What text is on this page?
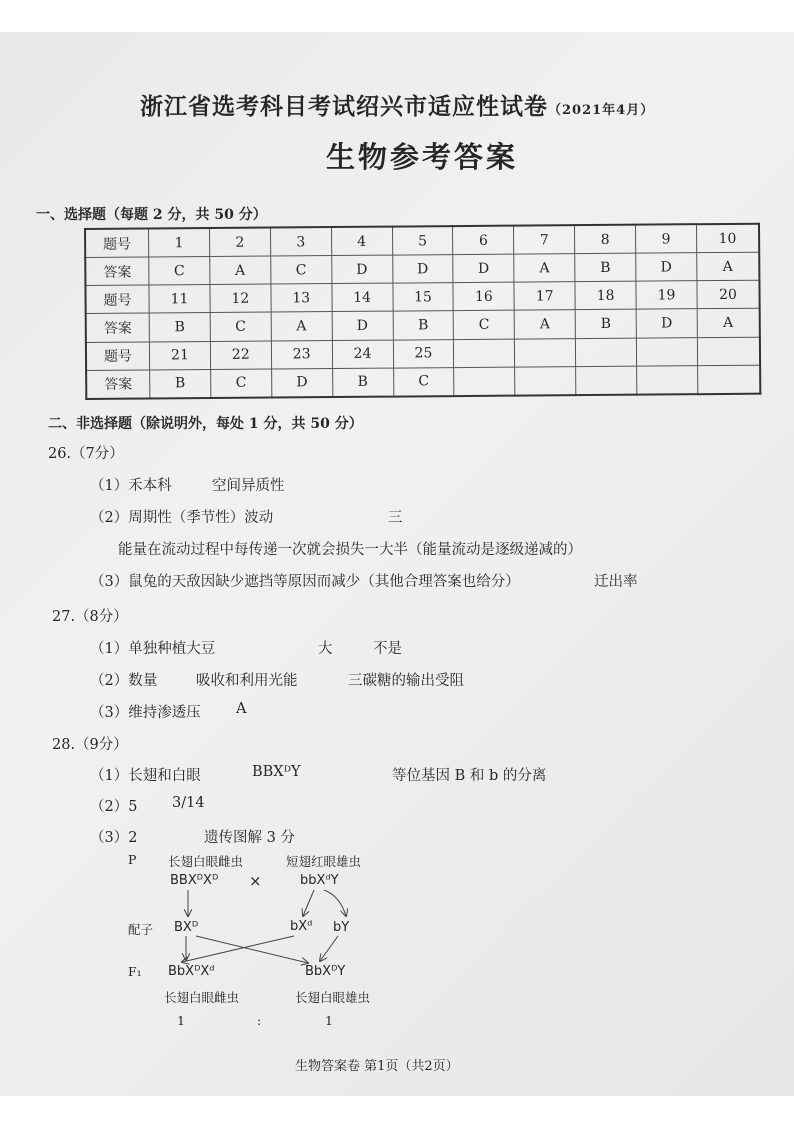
浙江省选考科目考试绍兴市适应性试卷（2021年4月）
生物参考答案
一、选择题（每题 2 分，共 50 分）
题号	1	2	3	4	5	6	7	8	9	10
答案	C	A	C	D	D	D	A	B	D	A
题号	11	12	13	14	15	16	17	18	19	20
答案	B	C	A	D	B	C	A	B	D	A
题号	21	22	23	24	25					
答案	B	C	D	B	C					
二、非选择题（除说明外，每处 1 分，共 50 分）
26.（7分）
（1）禾本科	空间异质性
（2）周期性（季节性）波动	三
能量在流动过程中每传递一次就会损失一大半（能量流动是逐级递减的）
（3）鼠兔的天敌因缺少遮挡等原因而减少（其他合理答案也给分）	迁出率
27.（8分）
（1）单独种植大豆	大	不是
（2）数量	吸收和利用光能	三碳糖的输出受阻
（3）维持渗透压 A
28.（9分）
（1）长翅和白眼	BBXᴰY	等位基因 B 和 b 的分离
（2）5 3/14
（3）2	遗传图解 3 分
P	长翅白眼雌虫	短翅红眼雄虫
BBXᴰXᴰ ×	bbXᵈY
配子 BXᴰ	bXᵈ bY
F₁ BbXᴰXᵈ	BbXᴰY
长翅白眼雌虫	长翅白眼雄虫
1	:	1
生物答案卷 第1页（共2页）
